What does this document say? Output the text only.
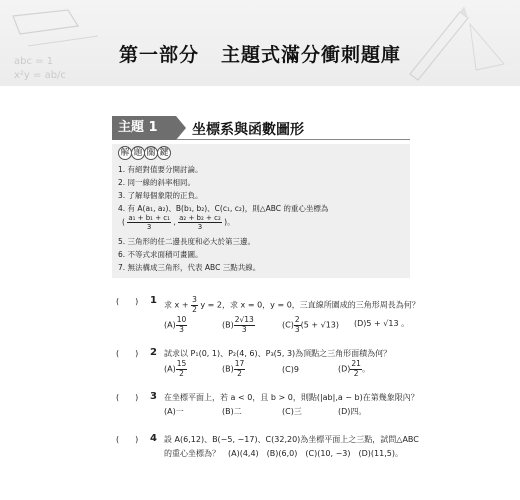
abc = 1
x²y = ab/c
第一部分 主題式滿分衝刺題庫
主題 1	坐標系與函數圖形
解 題 關 鍵
1. 有絕對值要分開討論。
2. 同一線的斜率相同。
3. 了解每個象限的正負。
4. 有 A(a₁, a₂)、B(b₁, b₂)、C(c₁, c₂)，則△ABC 的重心坐標為
( $\frac{\text{a₁ + b₁ + c₁}}{3}$ , $\frac{\text{a₂ + b₂ + c₂}}{3}$ )。
5. 三角形的任二邊長度和必大於第三邊。
6. 不等式求面積可畫圖。
7. 無法構成三角形，代表 ABC 三點共線。
(　　) 1 求 $x + \frac{3}{2}$ y = 2，求 x = 0，y = 0，三直線所圍成的三角形周長為何？
$(A) \frac{10}{3}$	$(B) \frac{2√13}{3}$	$(C) \frac{2}{3} (5 + √13) (D)5 + √13$ 。
(　　) 2 試求以 P₁(0, 1)、P₂(4, 6)、P₃(5, 3)為頂點之三角形面積為何？
$(A) \frac{15}{2}$	$(B) \frac{17}{2}$	(C)9	$(D) \frac{21}{2}$ 。
(　　) 3 在坐標平面上，若 a < 0，且 b > 0，則點(|ab|,a − b)在第幾象限內？
(A)一	(B)二	(C)三	(D)四。
(　　) 4 設 A(6,12)、B(−5, −17)、C(32,20)為坐標平面上之三點，試問△ABC
的重心坐標為？　(A)(4,4)　(B)(6,0)　(C)(10, −3)　(D)(11,5)。
